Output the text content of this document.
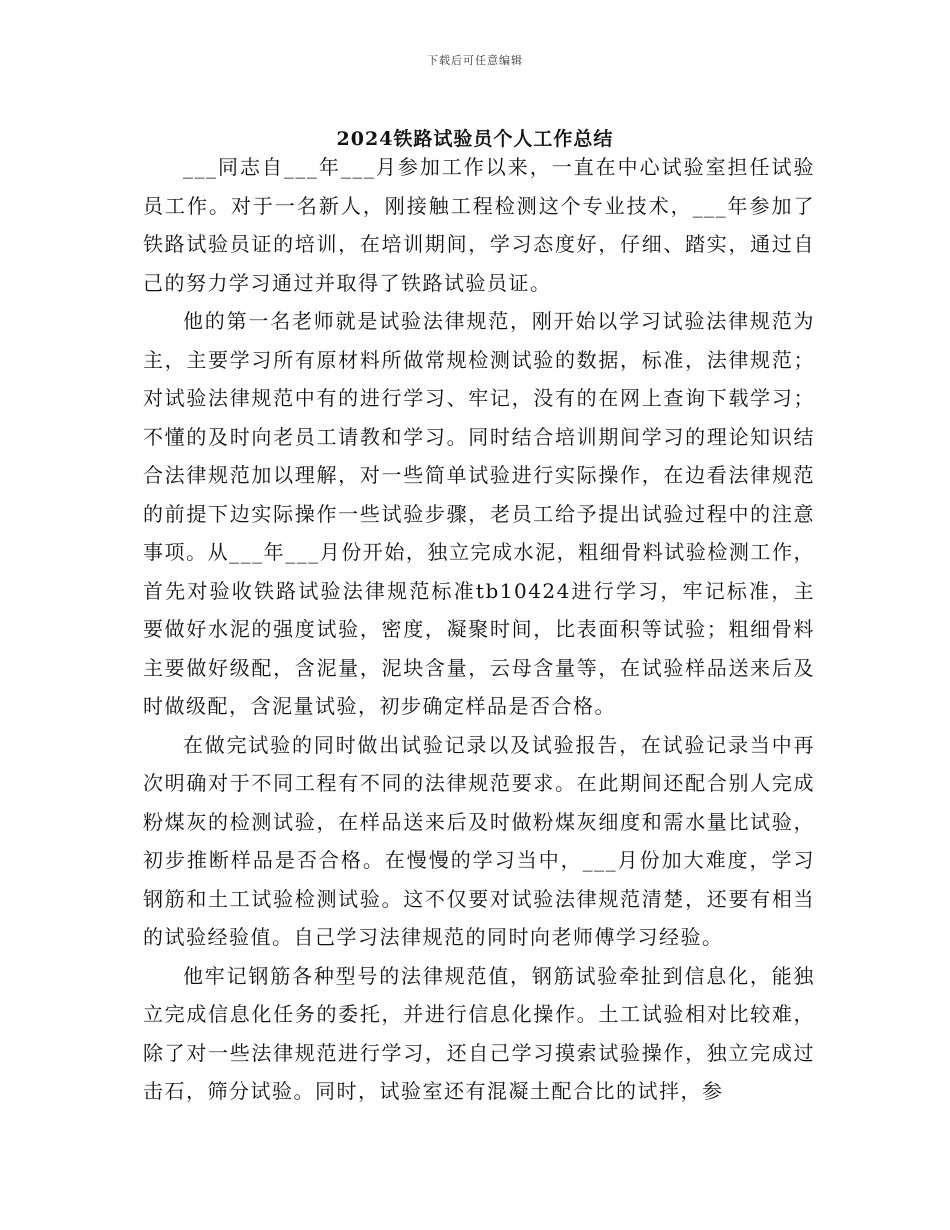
下载后可任意编辑
2024铁路试验员个人工作总结

___同志自___年___月参加工作以来，一直在中心试验室担任试验员工作。对于一名新人，刚接触工程检测这个专业技术，___年参加了铁路试验员证的培训，在培训期间，学习态度好，仔细、踏实，通过自己的努力学习通过并取得了铁路试验员证。

他的第一名老师就是试验法律规范，刚开始以学习试验法律规范为主，主要学习所有原材料所做常规检测试验的数据，标准，法律规范；对试验法律规范中有的进行学习、牢记，没有的在网上查询下载学习；不懂的及时向老员工请教和学习。同时结合培训期间学习的理论知识结合法律规范加以理解，对一些简单试验进行实际操作，在边看法律规范的前提下边实际操作一些试验步骤，老员工给予提出试验过程中的注意事项。从___年___月份开始，独立完成水泥，粗细骨料试验检测工作，首先对验收铁路试验法律规范标准tb10424进行学习，牢记标准，主要做好水泥的强度试验，密度，凝聚时间，比表面积等试验；粗细骨料主要做好级配，含泥量，泥块含量，云母含量等，在试验样品送来后及时做级配，含泥量试验，初步确定样品是否合格。

在做完试验的同时做出试验记录以及试验报告，在试验记录当中再次明确对于不同工程有不同的法律规范要求。在此期间还配合别人完成粉煤灰的检测试验，在样品送来后及时做粉煤灰细度和需水量比试验，初步推断样品是否合格。在慢慢的学习当中，___月份加大难度，学习钢筋和土工试验检测试验。这不仅要对试验法律规范清楚，还要有相当的试验经验值。自己学习法律规范的同时向老师傅学习经验。

他牢记钢筋各种型号的法律规范值，钢筋试验牵扯到信息化，能独立完成信息化任务的委托，并进行信息化操作。土工试验相对比较难，除了对一些法律规范进行学习，还自己学习摸索试验操作，独立完成过击石，筛分试验。同时，试验室还有混凝土配合比的试拌，参
